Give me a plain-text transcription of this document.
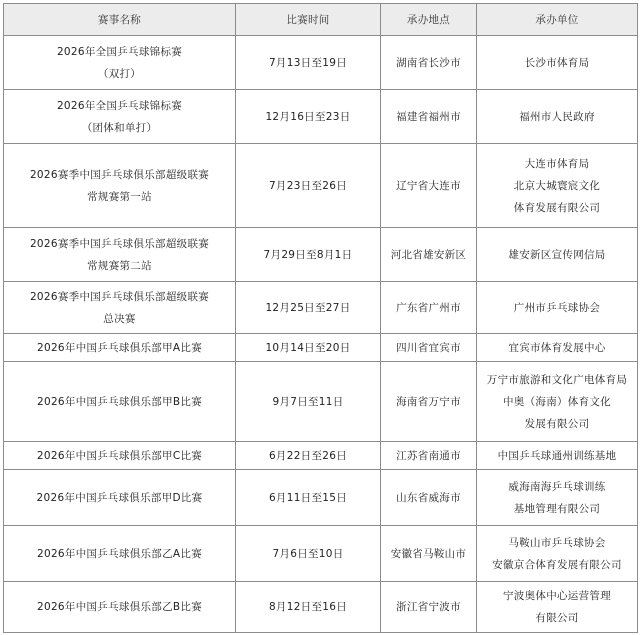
赛事名称	比赛时间	承办地点	承办单位

2026年全国乒乓球锦标赛
（双打）	7月13日至19日	湖南省长沙市	长沙市体育局

2026年全国乒乓球锦标赛
（团体和单打）	12月16日至23日	福建省福州市	福州市人民政府

2026赛季中国乒乓球俱乐部超级联赛
常规赛第一站	7月23日至26日	辽宁省大连市	大连市体育局
北京大城寰宸文化
体育发展有限公司

2026赛季中国乒乓球俱乐部超级联赛
常规赛第二站	7月29日至8月1日	河北省雄安新区	雄安新区宣传网信局

2026赛季中国乒乓球俱乐部超级联赛
总决赛	12月25日至27日	广东省广州市	广州市乒乓球协会

2026年中国乒乓球俱乐部甲A比赛	10月14日至20日	四川省宜宾市	宜宾市体育发展中心

2026年中国乒乓球俱乐部甲B比赛	9月7日至11日	海南省万宁市	万宁市旅游和文化广电体育局
中奥（海南）体育文化
发展有限公司

2026年中国乒乓球俱乐部甲C比赛	6月22日至26日	江苏省南通市	中国乒乓球通州训练基地

2026年中国乒乓球俱乐部甲D比赛	6月11日至15日	山东省威海市	威海南海乒乓球训练
基地管理有限公司

2026年中国乒乓球俱乐部乙A比赛	7月6日至10日	安徽省马鞍山市	马鞍山市乒乓球协会
安徽京合体育发展有限公司

2026年中国乒乓球俱乐部乙B比赛	8月12日至16日	浙江省宁波市	宁波奥体中心运营管理
有限公司
